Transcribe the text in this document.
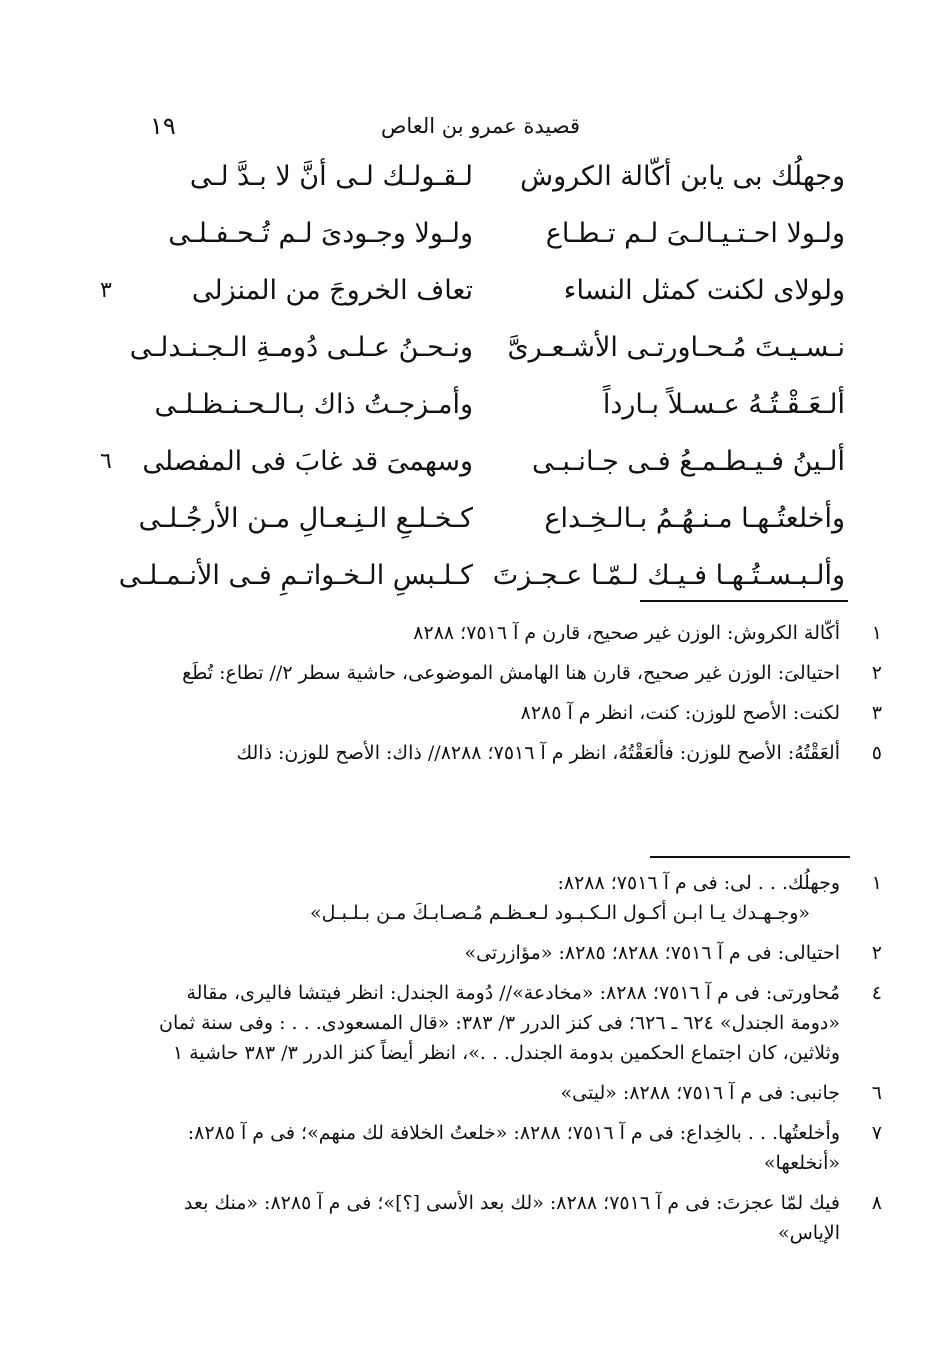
١٩	قصيدة عمرو بن العاص
وجهلُك بى يابن أكّالة الكروش
لـقـولـك لـى أنَّ لا بـدَّ لـى
ولـولا احـتـيـالـىَ لـم تـطـاع
ولـولا وجـودىَ لـم تُـحـفـلـى
ولولاى لكنت كمثل النساء
تعاف الخروجَ من المنزلى
٣
نـسـيـتَ مُـحـاورتـى الأشـعـرىَّ
ونـحـنُ عـلـى دُومـةِ الـجـنـدلـى
ألـعَـقْـتُـهُ عـسـلاً بـارداً
وأمـزجـتُ ذاك بـالـحـنـظـلـى
ألـينُ فـيـطـمـعُ فـى جـانـبـى
وسهمىَ قد غابَ فى المفصلى
٦
وأخلعتُـهـا مـنـهُـمُ بـالـخِـداع
كـخـلـعِ الـنِـعـالِ مـن الأرجُـلـى
وألـبـسـتُـهـا فـيـك لـمّـا عـجـزتَ
كـلـبسِ الـخـواتـمِ فـى الأنـمـلـى
١
أكّالة الكروش: الوزن غير صحيح، قارن م آ ٧٥١٦؛ ٨٢٨٨
٢
احتيالىَ: الوزن غير صحيح، قارن هنا الهامش الموضوعى، حاشية سطر ٢// تطاع: تُطَع
٣
لكنت: الأصح للوزن: كنت، انظر م آ ٨٢٨٥
٥
ألعَقْتُهُ: الأصح للوزن: فألعَقْتُهُ، انظر م آ ٧٥١٦؛ ٨٢٨٨// ذاك: الأصح للوزن: ذالك
١
وجهلُك. . . لى: فى م آ ٧٥١٦؛ ٨٢٨٨:
«وجـهـدك يـا ابـن أكـول الـكـبـود لـعـظـم مُـصـابـكَ مـن بـلـبـل»
٢
احتيالى: فى م آ ٧٥١٦؛ ٨٢٨٨؛ ٨٢٨٥: «مؤازرتى»
٤
مُحاورتى: فى م آ ٧٥١٦؛ ٨٢٨٨: «مخادعة»// دُومة الجندل: انظر فيتشا فاليرى، مقالة «دومة الجندل» ٦٢٤ ـ ٦٢٦؛ فى كنز الدرر ٣/ ٣٨٣: «قال المسعودى. . . : وفى سنة ثمان وثلاثين، كان اجتماع الحكمين بدومة الجندل. . .»، انظر أيضاً كنز الدرر ٣/ ٣٨٣ حاشية ١
٦
جانبى: فى م آ ٧٥١٦؛ ٨٢٨٨: «ليتى»
٧
وأخلعتُها. . . بالخِداع: فى م آ ٧٥١٦؛ ٨٢٨٨: «خلعتُ الخلافة لك منهم»؛ فى م آ ٨٢٨٥: «أنخلعها»
٨
فيك لمّا عجزتَ: فى م آ ٧٥١٦؛ ٨٢٨٨: «لك بعد الأسى [؟]»؛ فى م آ ٨٢٨٥: «منك بعد الإياس»
